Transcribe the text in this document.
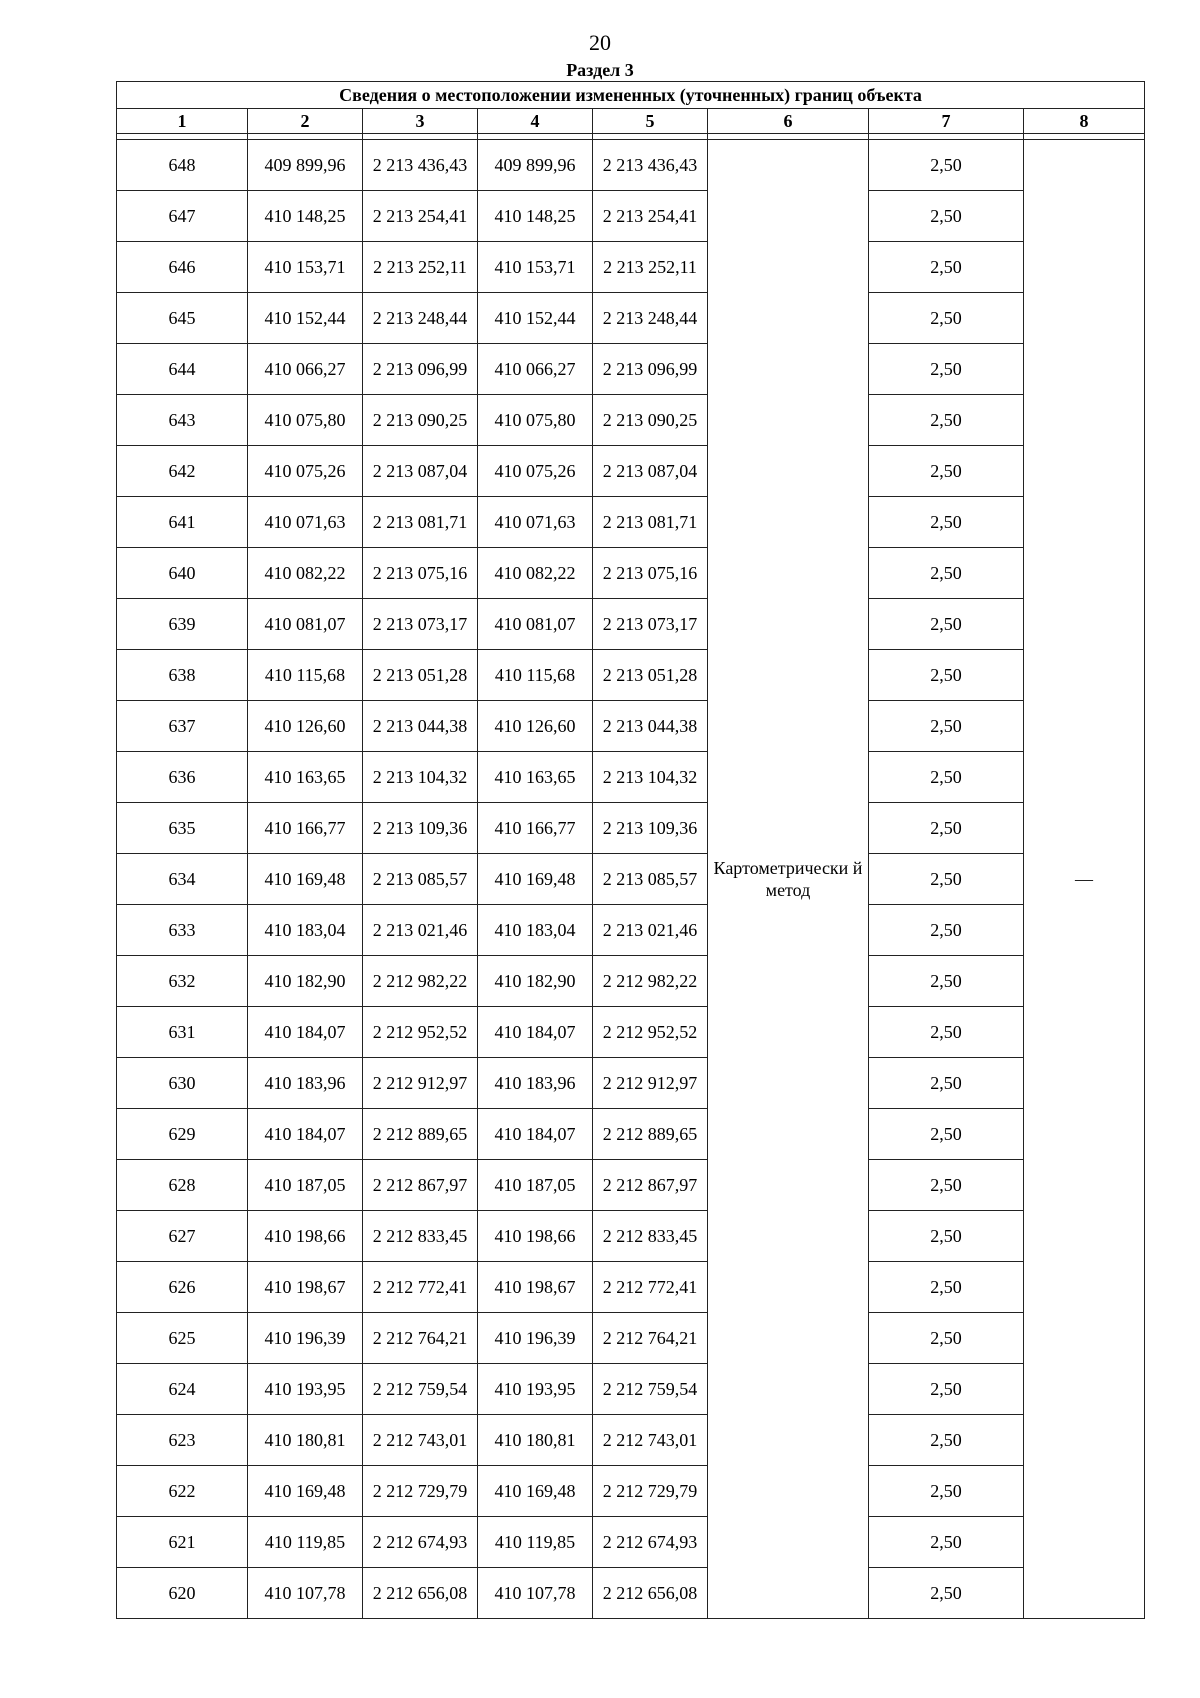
20
Раздел 3
Сведения о местоположении измененных (уточненных) границ объекта							
1	2	3	4	5	6	7	8

648	409 899,96	2 213 436,43	409 899,96	2 213 436,43	Картометрически й метод	2,50	—
647	410 148,25	2 213 254,41	410 148,25	2 213 254,41		2,50	
646	410 153,71	2 213 252,11	410 153,71	2 213 252,11		2,50	
645	410 152,44	2 213 248,44	410 152,44	2 213 248,44		2,50	
644	410 066,27	2 213 096,99	410 066,27	2 213 096,99		2,50	
643	410 075,80	2 213 090,25	410 075,80	2 213 090,25		2,50	
642	410 075,26	2 213 087,04	410 075,26	2 213 087,04		2,50	
641	410 071,63	2 213 081,71	410 071,63	2 213 081,71		2,50	
640	410 082,22	2 213 075,16	410 082,22	2 213 075,16		2,50	
639	410 081,07	2 213 073,17	410 081,07	2 213 073,17		2,50	
638	410 115,68	2 213 051,28	410 115,68	2 213 051,28		2,50	
637	410 126,60	2 213 044,38	410 126,60	2 213 044,38		2,50	
636	410 163,65	2 213 104,32	410 163,65	2 213 104,32		2,50	
635	410 166,77	2 213 109,36	410 166,77	2 213 109,36		2,50	
634	410 169,48	2 213 085,57	410 169,48	2 213 085,57		2,50	
633	410 183,04	2 213 021,46	410 183,04	2 213 021,46		2,50	
632	410 182,90	2 212 982,22	410 182,90	2 212 982,22		2,50	
631	410 184,07	2 212 952,52	410 184,07	2 212 952,52		2,50	
630	410 183,96	2 212 912,97	410 183,96	2 212 912,97		2,50	
629	410 184,07	2 212 889,65	410 184,07	2 212 889,65		2,50	
628	410 187,05	2 212 867,97	410 187,05	2 212 867,97		2,50	
627	410 198,66	2 212 833,45	410 198,66	2 212 833,45		2,50	
626	410 198,67	2 212 772,41	410 198,67	2 212 772,41		2,50	
625	410 196,39	2 212 764,21	410 196,39	2 212 764,21		2,50	
624	410 193,95	2 212 759,54	410 193,95	2 212 759,54		2,50	
623	410 180,81	2 212 743,01	410 180,81	2 212 743,01		2,50	
622	410 169,48	2 212 729,79	410 169,48	2 212 729,79		2,50	
621	410 119,85	2 212 674,93	410 119,85	2 212 674,93		2,50	
620	410 107,78	2 212 656,08	410 107,78	2 212 656,08		2,50	
